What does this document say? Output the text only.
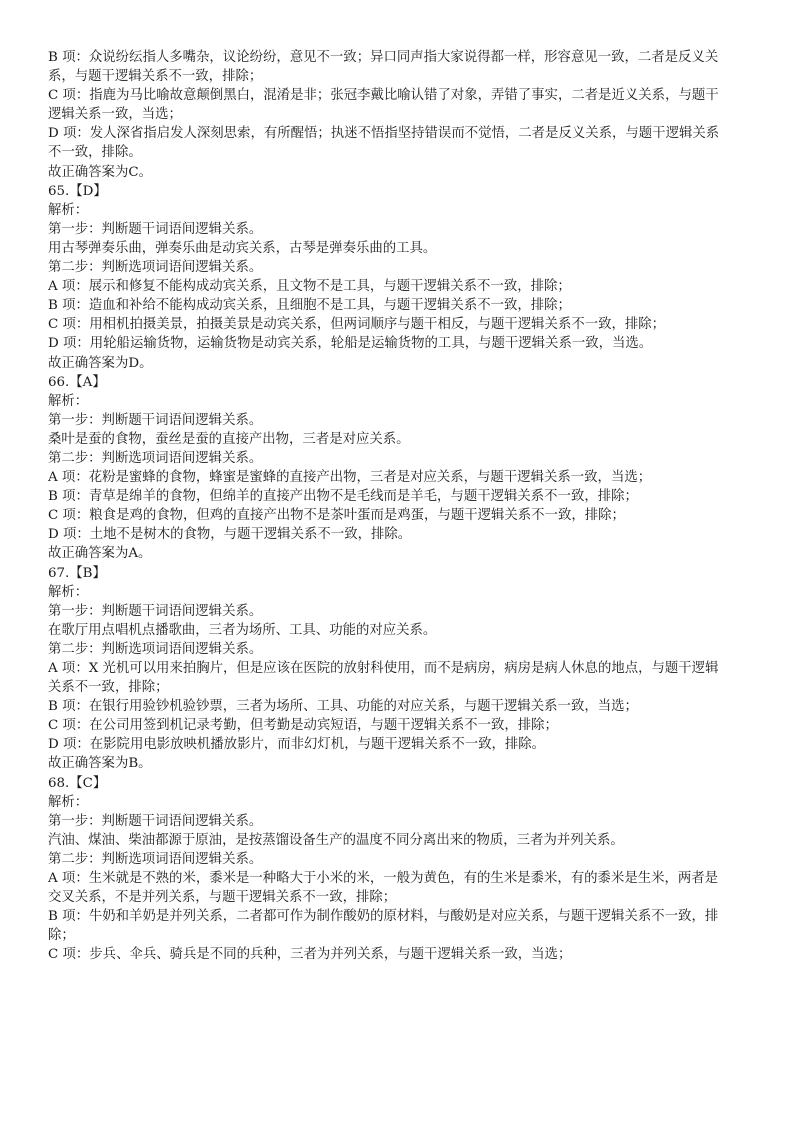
B 项：众说纷纭指人多嘴杂，议论纷纷，意见不一致；异口同声指大家说得都一样，形容意见一致，二者是反义关
系，与题干逻辑关系不一致，排除；
C 项：指鹿为马比喻故意颠倒黑白，混淆是非；张冠李戴比喻认错了对象，弄错了事实，二者是近义关系，与题干
逻辑关系一致，当选；
D 项：发人深省指启发人深刻思索，有所醒悟；执迷不悟指坚持错误而不觉悟，二者是反义关系，与题干逻辑关系
不一致，排除。
故正确答案为C。
65.【D】
解析：
第一步：判断题干词语间逻辑关系。
用古琴弹奏乐曲，弹奏乐曲是动宾关系，古琴是弹奏乐曲的工具。
第二步：判断选项词语间逻辑关系。
A 项：展示和修复不能构成动宾关系，且文物不是工具，与题干逻辑关系不一致，排除；
B 项：造血和补给不能构成动宾关系，且细胞不是工具，与题干逻辑关系不一致，排除；
C 项：用相机拍摄美景，拍摄美景是动宾关系，但两词顺序与题干相反，与题干逻辑关系不一致，排除；
D 项：用轮船运输货物，运输货物是动宾关系，轮船是运输货物的工具，与题干逻辑关系一致，当选。
故正确答案为D。
66.【A】
解析：
第一步：判断题干词语间逻辑关系。
桑叶是蚕的食物，蚕丝是蚕的直接产出物，三者是对应关系。
第二步：判断选项词语间逻辑关系。
A 项：花粉是蜜蜂的食物，蜂蜜是蜜蜂的直接产出物，三者是对应关系，与题干逻辑关系一致，当选；
B 项：青草是绵羊的食物，但绵羊的直接产出物不是毛线而是羊毛，与题干逻辑关系不一致，排除；
C 项：粮食是鸡的食物，但鸡的直接产出物不是茶叶蛋而是鸡蛋，与题干逻辑关系不一致，排除；
D 项：土地不是树木的食物，与题干逻辑关系不一致，排除。
故正确答案为A。
67.【B】
解析：
第一步：判断题干词语间逻辑关系。
在歌厅用点唱机点播歌曲，三者为场所、工具、功能的对应关系。
第二步：判断选项词语间逻辑关系。
A 项：X 光机可以用来拍胸片，但是应该在医院的放射科使用，而不是病房，病房是病人休息的地点，与题干逻辑
关系不一致，排除；
B 项：在银行用验钞机验钞票，三者为场所、工具、功能的对应关系，与题干逻辑关系一致，当选；
C 项：在公司用签到机记录考勤，但考勤是动宾短语，与题干逻辑关系不一致，排除；
D 项：在影院用电影放映机播放影片，而非幻灯机，与题干逻辑关系不一致，排除。
故正确答案为B。
68.【C】
解析：
第一步：判断题干词语间逻辑关系。
汽油、煤油、柴油都源于原油，是按蒸馏设备生产的温度不同分离出来的物质，三者为并列关系。
第二步：判断选项词语间逻辑关系。
A 项：生米就是不熟的米，黍米是一种略大于小米的米，一般为黄色，有的生米是黍米，有的黍米是生米，两者是
交叉关系，不是并列关系，与题干逻辑关系不一致，排除；
B 项：牛奶和羊奶是并列关系，二者都可作为制作酸奶的原材料，与酸奶是对应关系，与题干逻辑关系不一致，排
除；
C 项：步兵、伞兵、骑兵是不同的兵种，三者为并列关系，与题干逻辑关系一致，当选；
